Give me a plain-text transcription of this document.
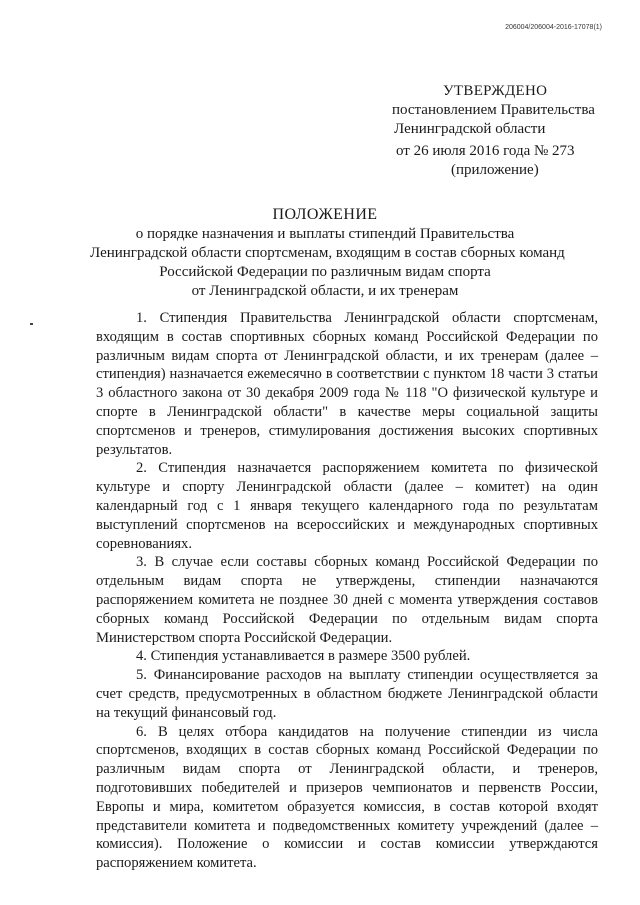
206004/206004-2016-17078(1)
УТВЕРЖДЕНО
постановлением Правительства
Ленинградской области
от 26 июля 2016 года № 273
(приложение)
ПОЛОЖЕНИЕ
о порядке назначения и выплаты стипендий Правительства
Ленинградской области спортсменам, входящим в состав сборных команд
Российской Федерации по различным видам спорта
от Ленинградской области, и их тренерам

1. Стипендия Правительства Ленинградской области спортсменам, входящим в состав спортивных сборных команд Российской Федерации по различным видам спорта от Ленинградской области, и их тренерам (далее – стипендия) назначается ежемесячно в соответствии с пунктом 18 части 3 статьи 3 областного закона от 30 декабря 2009 года № 118 "О физической культуре и спорте в Ленинградской области" в качестве меры социальной защиты спортсменов и тренеров, стимулирования достижения высоких спортивных результатов.

2. Стипендия назначается распоряжением комитета по физической культуре и спорту Ленинградской области (далее – комитет) на один календарный год с 1 января текущего календарного года по результатам выступлений спортсменов на всероссийских и международных спортивных соревнованиях.

3. В случае если составы сборных команд Российской Федерации по отдельным видам спорта не утверждены, стипендии назначаются распоряжением комитета не позднее 30 дней с момента утверждения составов сборных команд Российской Федерации по отдельным видам спорта Министерством спорта Российской Федерации.

4. Стипендия устанавливается в размере 3500 рублей.

5. Финансирование расходов на выплату стипендии осуществляется за счет средств, предусмотренных в областном бюджете Ленинградской области на текущий финансовый год.

6. В целях отбора кандидатов на получение стипендии из числа спортсменов, входящих в состав сборных команд Российской Федерации по различным видам спорта от Ленинградской области, и тренеров, подготовивших победителей и призеров чемпионатов и первенств России, Европы и мира, комитетом образуется комиссия, в состав которой входят представители комитета и подведомственных комитету учреждений (далее – комиссия). Положение о комиссии и состав комиссии утверждаются распоряжением комитета.
